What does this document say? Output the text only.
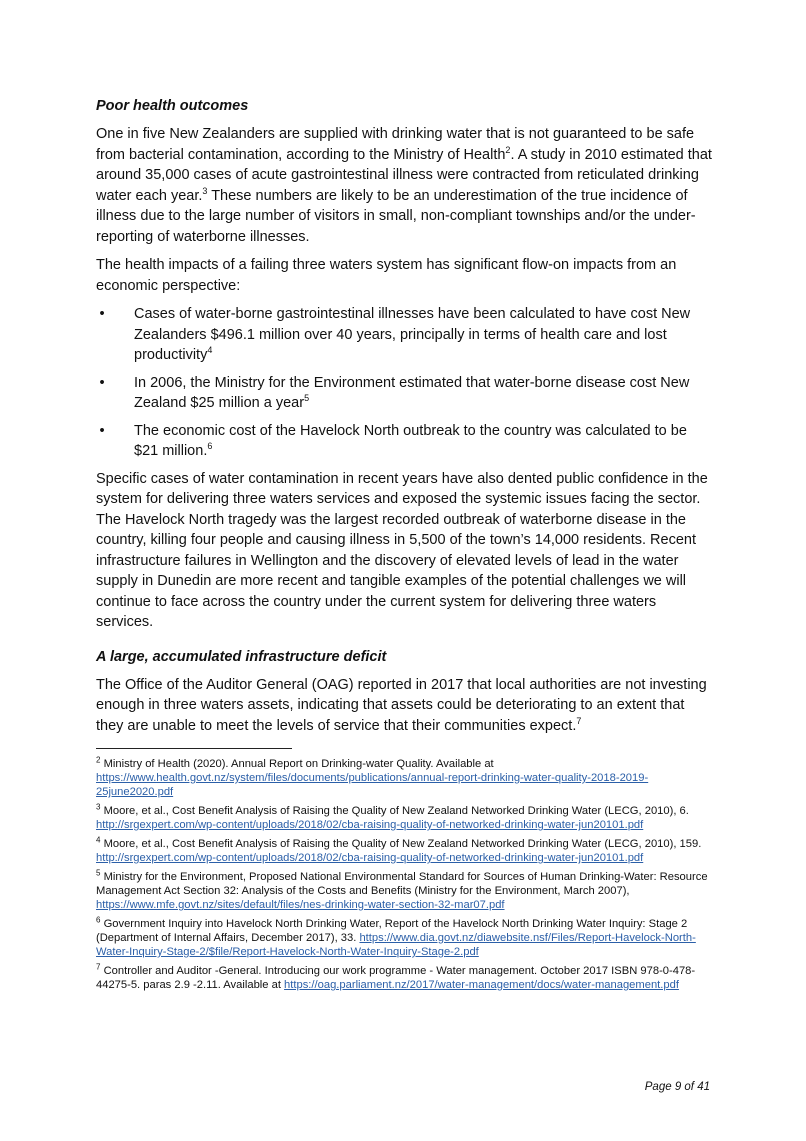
Poor health outcomes

One in five New Zealanders are supplied with drinking water that is not guaranteed to be safe from bacterial contamination, according to the Ministry of Health$^2$. A study in 2010 estimated that around 35,000 cases of acute gastrointestinal illness were contracted from reticulated drinking water each year.$^3$ These numbers are likely to be an underestimation of the true incidence of illness due to the large number of visitors in small, non-compliant townships and/or the under-reporting of waterborne illnesses.

The health impacts of a failing three waters system has significant flow-on impacts from an economic perspective:

• Cases of water-borne gastrointestinal illnesses have been calculated to have cost New Zealanders $496.1 million over 40 years, principally in terms of health care and lost productivity$^4$
• In 2006, the Ministry for the Environment estimated that water-borne disease cost New Zealand $25 million a year$^5$
• The economic cost of the Havelock North outbreak to the country was calculated to be $21 million.$^6$

Specific cases of water contamination in recent years have also dented public confidence in the system for delivering three waters services and exposed the systemic issues facing the sector. The Havelock North tragedy was the largest recorded outbreak of waterborne disease in the country, killing four people and causing illness in 5,500 of the town’s 14,000 residents. Recent infrastructure failures in Wellington and the discovery of elevated levels of lead in the water supply in Dunedin are more recent and tangible examples of the potential challenges we will continue to face across the country under the current system for delivering three waters services.

A large, accumulated infrastructure deficit

The Office of the Auditor General (OAG) reported in 2017 that local authorities are not investing enough in three waters assets, indicating that assets could be deteriorating to an extent that they are unable to meet the levels of service that their communities expect.$^7$

$^2$ Ministry of Health (2020). Annual Report on Drinking-water Quality. Available at https://www.health.govt.nz/system/files/documents/publications/annual-report-drinking-water-quality-2018-2019-25june2020.pdf
$^3$ Moore, et al., Cost Benefit Analysis of Raising the Quality of New Zealand Networked Drinking Water (LECG, 2010), 6. http://srgexpert.com/wp-content/uploads/2018/02/cba-raising-quality-of-networked-drinking-water-jun20101.pdf
$^4$ Moore, et al., Cost Benefit Analysis of Raising the Quality of New Zealand Networked Drinking Water (LECG, 2010), 159. http://srgexpert.com/wp-content/uploads/2018/02/cba-raising-quality-of-networked-drinking-water-jun20101.pdf
$^5$ Ministry for the Environment, Proposed National Environmental Standard for Sources of Human Drinking-Water: Resource Management Act Section 32: Analysis of the Costs and Benefits (Ministry for the Environment, March 2007), https://www.mfe.govt.nz/sites/default/files/nes-drinking-water-section-32-mar07.pdf
$^6$ Government Inquiry into Havelock North Drinking Water, Report of the Havelock North Drinking Water Inquiry: Stage 2 (Department of Internal Affairs, December 2017), 33. https://www.dia.govt.nz/diawebsite.nsf/Files/Report-Havelock-North-Water-Inquiry-Stage-2/$file/Report-Havelock-North-Water-Inquiry-Stage-2.pdf
$^7$ Controller and Auditor -General. Introducing our work programme - Water management. October 2017 ISBN 978-0-478-44275-5. paras 2.9 -2.11. Available at https://oag.parliament.nz/2017/water-management/docs/water-management.pdf
Page 9 of 41
